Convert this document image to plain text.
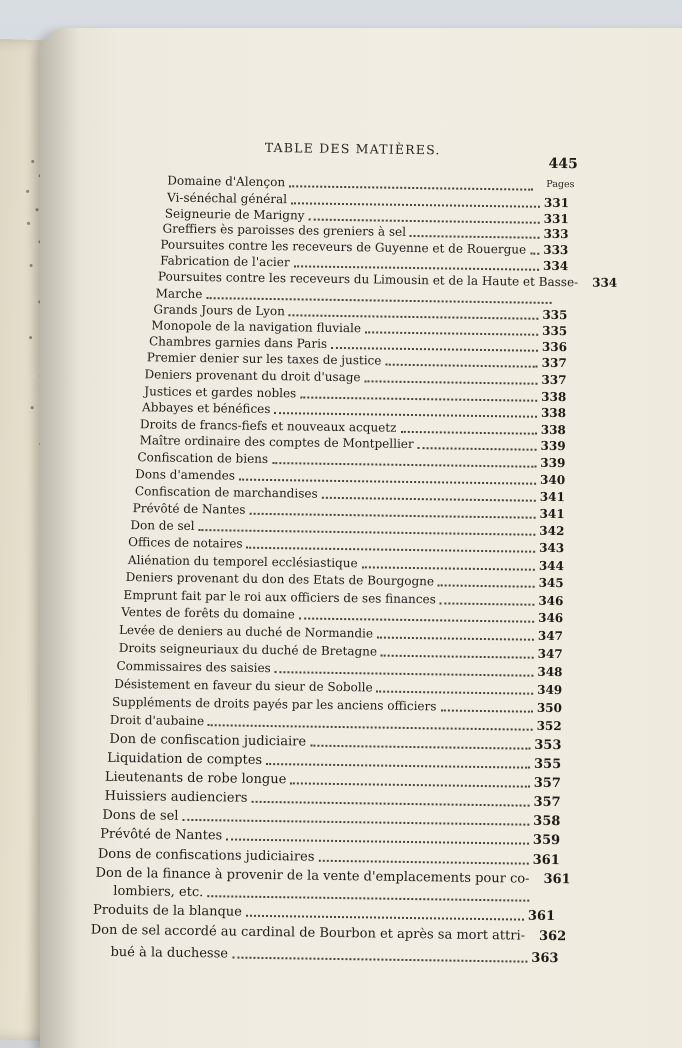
TABLE DES MATIÈRES.
445
Pages
Domaine d'Alençon
Vi-sénéchal général	331
Seigneurie de Marigny	331
Greffiers ès paroisses des greniers à sel	333
Poursuites contre les receveurs de Guyenne et de Rouergue 333
Fabrication de l'acier	334
Poursuites contre les receveurs du Limousin et de la Haute et Basse- 334
Marche
Grands Jours de Lyon	335
Monopole de la navigation fluviale	335
Chambres garnies dans Paris	336
Premier denier sur les taxes de justice	337
Deniers provenant du droit d'usage	337
Justices et gardes nobles	338
Abbayes et bénéfices	338
Droits de francs-fiefs et nouveaux acquetz	338
Maître ordinaire des comptes de Montpellier	339
Confiscation de biens	339
Dons d'amendes	340
Confiscation de marchandises	341
Prévôté de Nantes	341
Don de sel	342
Offices de notaires	343
Aliénation du temporel ecclésiastique	344
Deniers provenant du don des Etats de Bourgogne	345
Emprunt fait par le roi aux officiers de ses finances	346
Ventes de forêts du domaine	346
Levée de deniers au duché de Normandie	347
Droits seigneuriaux du duché de Bretagne	347
Commissaires des saisies	348
Désistement en faveur du sieur de Sobolle	349
Suppléments de droits payés par les anciens officiers	350
Droit d'aubaine	352
Don de confiscation judiciaire	353
Liquidation de comptes	355
Lieutenants de robe longue	357
Huissiers audienciers	357
Dons de sel	358
Prévôté de Nantes	359
Dons de confiscations judiciaires	361
Don de la finance à provenir de la vente d'emplacements pour co- 361
lombiers, etc.
Produits de la blanque	361
Don de sel accordé au cardinal de Bourbon et après sa mort attri- 362
bué à la duchesse	363
